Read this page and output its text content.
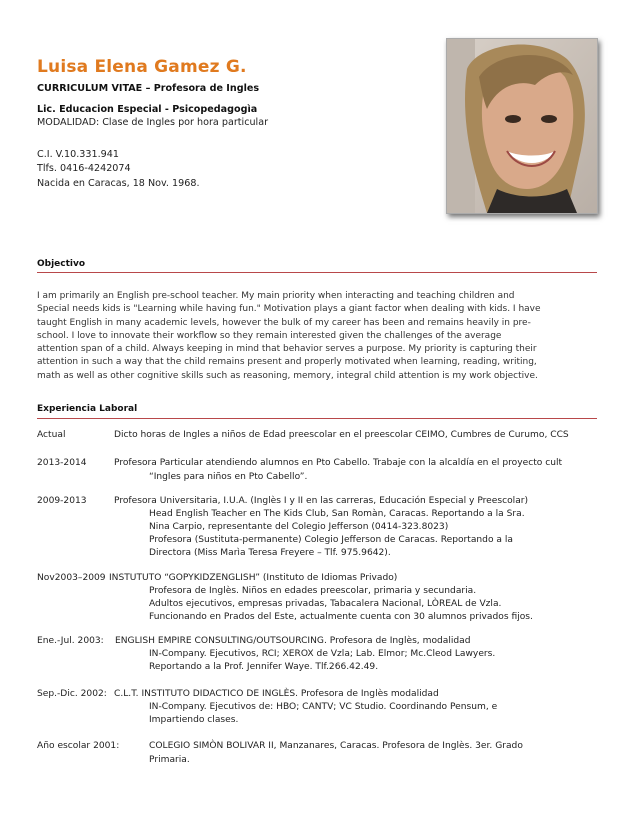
Luisa Elena Gamez G.
CURRICULUM VITAE – Profesora de Ingles
Lic. Educacion Especial - Psicopedagogìa
MODALIDAD: Clase de Ingles por hora particular
C.I. V.10.331.941
Tlfs. 0416-4242074
Nacida en Caracas, 18 Nov. 1968.
Objectivo
I am primarily an English pre-school teacher. My main priority when interacting and teaching children and
Special needs kids is "Learning while having fun." Motivation plays a giant factor when dealing with kids. I have
taught English in many academic levels, however the bulk of my career has been and remains heavily in pre-
school. I love to innovate their workflow so they remain interested given the challenges of the average
attention span of a child. Always keeping in mind that behavior serves a purpose. My priority is capturing their
attention in such a way that the child remains present and properly motivated when learning, reading, writing,
math as well as other cognitive skills such as reasoning, memory, integral child attention is my work objective.
Experiencia Laboral
Actual	Dicto horas de Ingles a niños de Edad preescolar en el preescolar CEIMO, Cumbres de Curumo, CCS
2013-2014	Profesora Particular atendiendo alumnos en Pto Cabello. Trabaje con la alcaldía en el proyecto cult
“Ingles para niños en Pto Cabello”.
2009-2013	Profesora Universitaria, I.U.A. (Inglès I y II en las carreras, Educación Especial y Preescolar)
Head English Teacher en The Kids Club, San Romàn, Caracas. Reportando a la Sra.
Nina Carpio, representante del Colegio Jefferson (0414-323.8023)
Profesora (Sustituta-permanente) Colegio Jefferson de Caracas. Reportando a la
Directora (Miss Marìa Teresa Freyere – Tlf. 975.9642).
Nov2003–2009 INSTUTUTO “GOPYKIDZENGLISH” (Instituto de Idiomas Privado)
Profesora de Inglès. Niños en edades preescolar, primaria y secundaria.
Adultos ejecutivos, empresas privadas, Tabacalera Nacional, LÒREAL de Vzla.
Funcionando en Prados del Este, actualmente cuenta con 30 alumnos privados fijos.
Ene.-Jul. 2003: ENGLISH EMPIRE CONSULTING/OUTSOURCING. Profesora de Inglès, modalidad
IN-Company. Ejecutivos, RCI; XEROX de Vzla; Lab. Elmor; Mc.Cleod Lawyers.
Reportando a la Prof. Jennifer Waye. Tlf.266.42.49.
Sep.-Dic. 2002: C.L.T. INSTITUTO DIDACTICO DE INGLÈS. Profesora de Inglès modalidad
IN-Company. Ejecutivos de: HBO; CANTV; VC Studio. Coordinando Pensum, e
Impartiendo clases.
Año escolar 2001:	COLEGIO SIMÒN BOLIVAR II, Manzanares, Caracas. Profesora de Inglès. 3er. Grado
Primaria.
